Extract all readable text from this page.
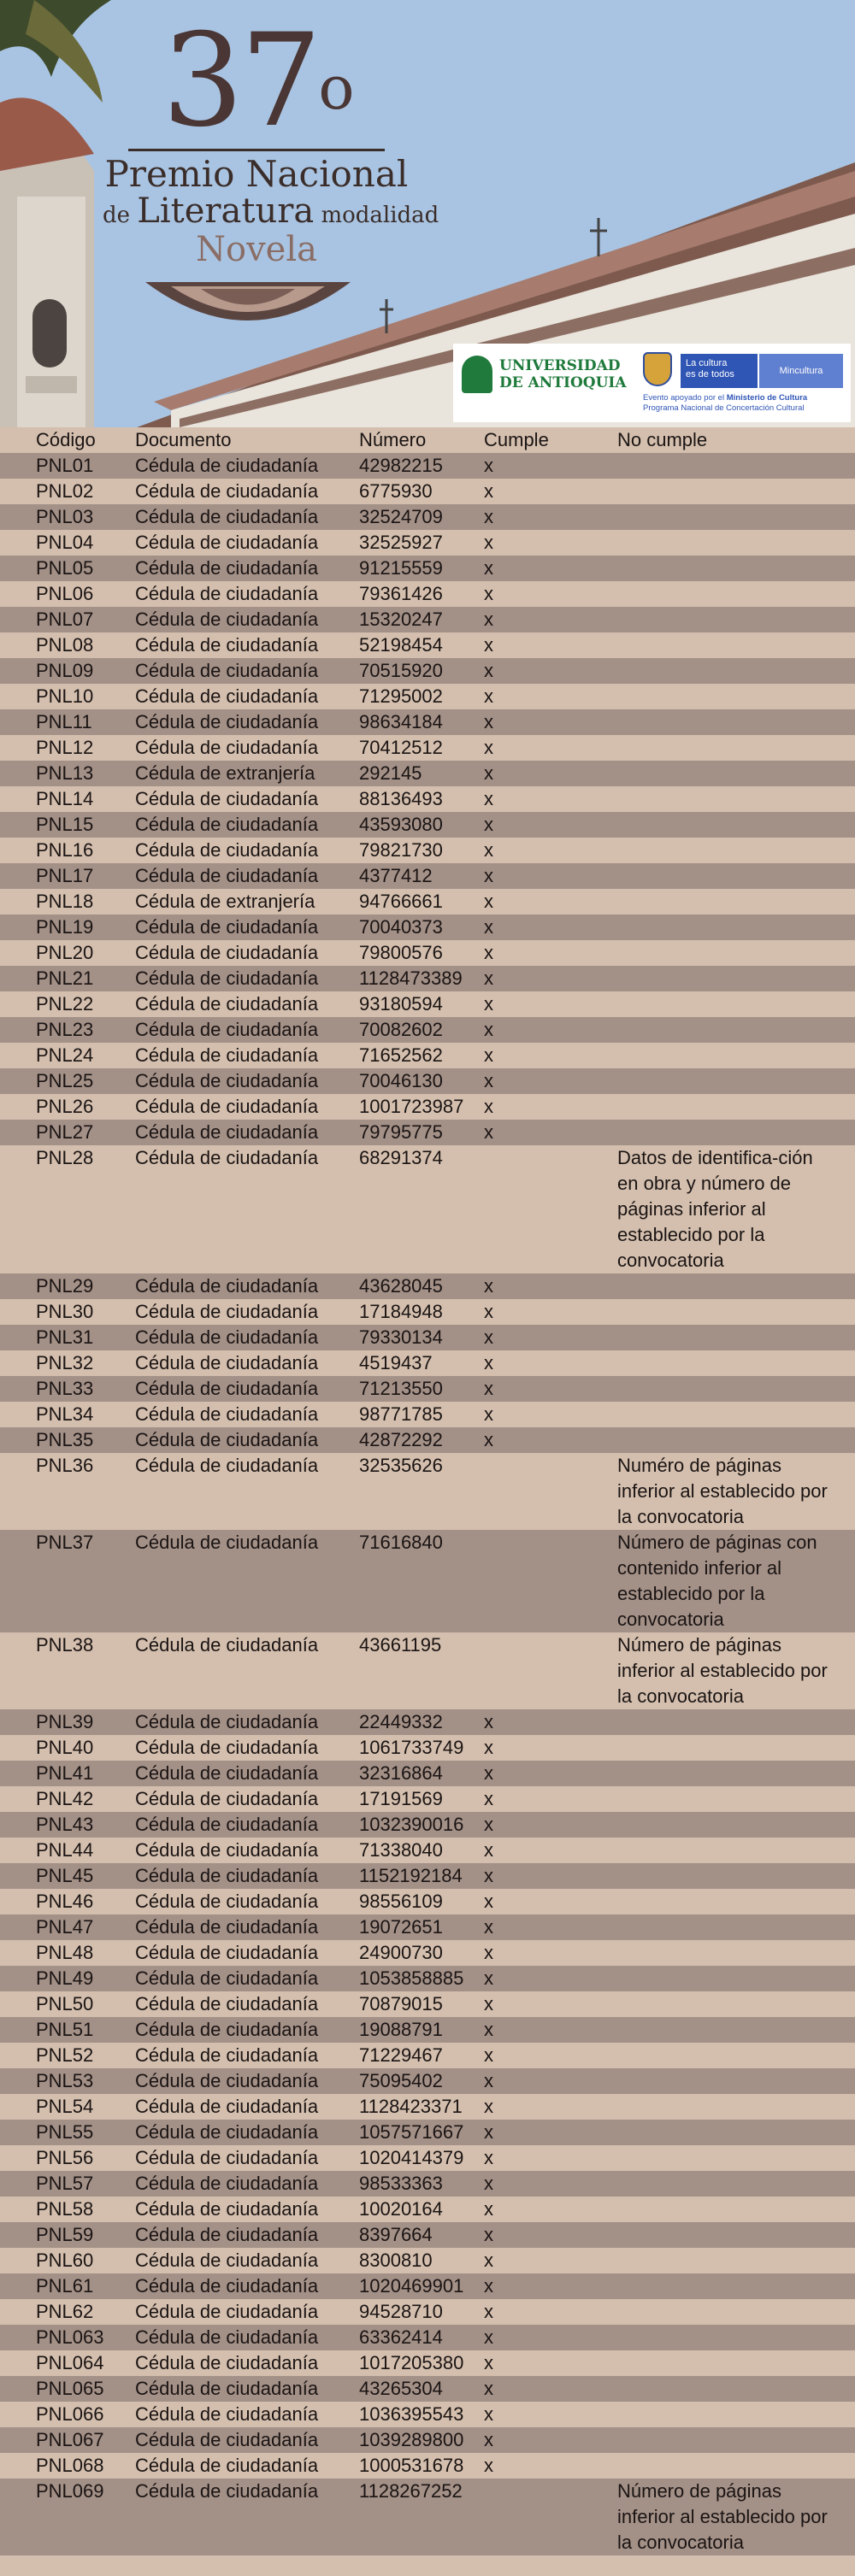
37$^o$
Premio Nacional
de Literatura modalidad
Novela
UNIVERSIDAD
DE ANTIOQUIA
La cultura
es de todos	Mincultura
Evento apoyado por el Ministerio de Cultura
Programa Nacional de Concertación Cultural
Código Documento	Número	Cumple	No cumple
PNL01 Cédula de ciudadanía 42982215 x
PNL02 Cédula de ciudadanía 6775930	x
PNL03 Cédula de ciudadanía 32524709 x
PNL04 Cédula de ciudadanía 32525927 x
PNL05 Cédula de ciudadanía 91215559 x
PNL06 Cédula de ciudadanía 79361426 x
PNL07 Cédula de ciudadanía 15320247 x
PNL08 Cédula de ciudadanía 52198454 x
PNL09 Cédula de ciudadanía 70515920 x
PNL10 Cédula de ciudadanía 71295002 x
PNL11 Cédula de ciudadanía 98634184 x
PNL12 Cédula de ciudadanía 70412512 x
PNL13 Cédula de extranjería 292145	x
PNL14 Cédula de ciudadanía 88136493 x
PNL15 Cédula de ciudadanía 43593080 x
PNL16 Cédula de ciudadanía 79821730 x
PNL17 Cédula de ciudadanía 4377412	x
PNL18 Cédula de extranjería 94766661 x
PNL19 Cédula de ciudadanía 70040373 x
PNL20 Cédula de ciudadanía 79800576 x
PNL21 Cédula de ciudadanía 1128473389 x
PNL22 Cédula de ciudadanía 93180594 x
PNL23 Cédula de ciudadanía 70082602 x
PNL24 Cédula de ciudadanía 71652562 x
PNL25 Cédula de ciudadanía 70046130 x
PNL26 Cédula de ciudadanía 1001723987 x
PNL27 Cédula de ciudadanía 79795775 x
PNL28 Cédula de ciudadanía 68291374	Datos de identifica-ción en obra y número de páginas inferior al establecido por la convocatoria
PNL29 Cédula de ciudadanía 43628045 x
PNL30 Cédula de ciudadanía 17184948 x
PNL31 Cédula de ciudadanía 79330134 x
PNL32 Cédula de ciudadanía 4519437	x
PNL33 Cédula de ciudadanía 71213550 x
PNL34 Cédula de ciudadanía 98771785 x
PNL35 Cédula de ciudadanía 42872292 x
PNL36 Cédula de ciudadanía 32535626	Numéro de páginas inferior al establecido por la convocatoria
PNL37 Cédula de ciudadanía 71616840	Número de páginas con contenido inferior al establecido por la convocatoria
PNL38 Cédula de ciudadanía 43661195	Número de páginas inferior al establecido por la convocatoria
PNL39 Cédula de ciudadanía 22449332 x
PNL40 Cédula de ciudadanía 1061733749 x
PNL41 Cédula de ciudadanía 32316864 x
PNL42 Cédula de ciudadanía 17191569 x
PNL43 Cédula de ciudadanía 1032390016 x
PNL44 Cédula de ciudadanía 71338040 x
PNL45 Cédula de ciudadanía 1152192184 x
PNL46 Cédula de ciudadanía 98556109 x
PNL47 Cédula de ciudadanía 19072651 x
PNL48 Cédula de ciudadanía 24900730 x
PNL49 Cédula de ciudadanía 1053858885 x
PNL50 Cédula de ciudadanía 70879015 x
PNL51 Cédula de ciudadanía 19088791 x
PNL52 Cédula de ciudadanía 71229467 x
PNL53 Cédula de ciudadanía 75095402 x
PNL54 Cédula de ciudadanía 1128423371 x
PNL55 Cédula de ciudadanía 1057571667 x
PNL56 Cédula de ciudadanía 1020414379 x
PNL57 Cédula de ciudadanía 98533363 x
PNL58 Cédula de ciudadanía 10020164 x
PNL59 Cédula de ciudadanía 8397664	x
PNL60 Cédula de ciudadanía 8300810	x
PNL61 Cédula de ciudadanía 1020469901 x
PNL62 Cédula de ciudadanía 94528710 x
PNL063 Cédula de ciudadanía 63362414 x
PNL064 Cédula de ciudadanía 1017205380 x
PNL065 Cédula de ciudadanía 43265304 x
PNL066 Cédula de ciudadanía 1036395543 x
PNL067 Cédula de ciudadanía 1039289800 x
PNL068 Cédula de ciudadanía 1000531678 x
PNL069 Cédula de ciudadanía 1128267252	Número de páginas inferior al establecido por la convocatoria
